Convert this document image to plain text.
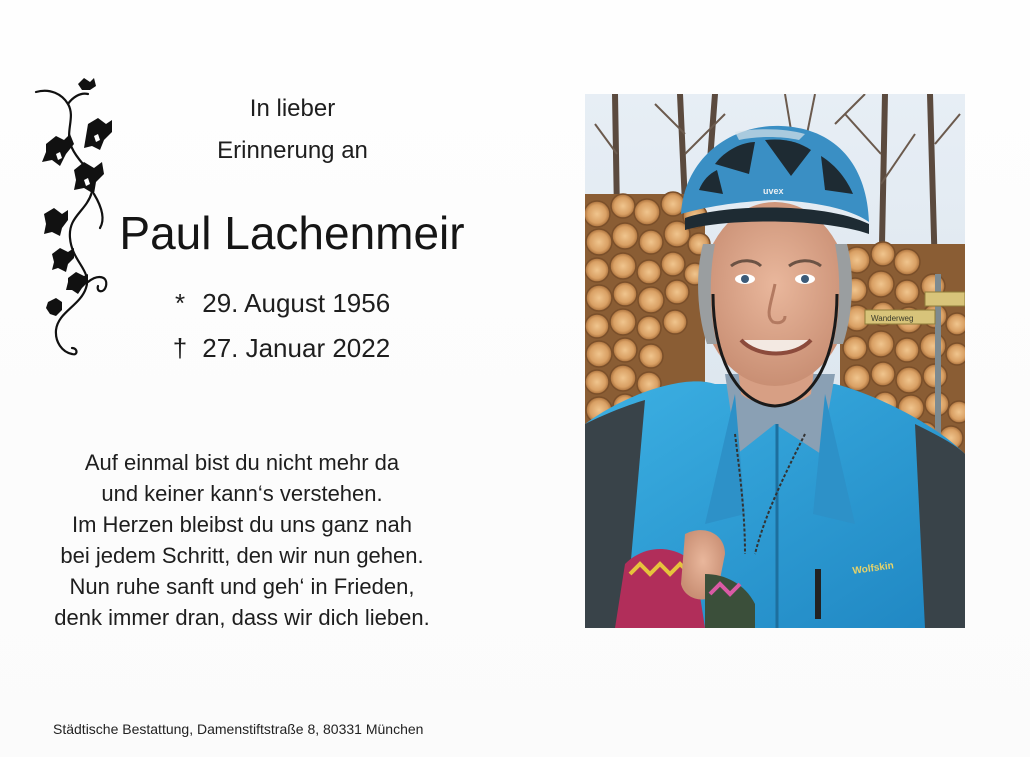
In lieber
Erinnerung an
Paul Lachenmeir
* 29. August 1956
† 27. Januar 2022
Auf einmal bist du nicht mehr da
und keiner kann‘s verstehen.
Im Herzen bleibst du uns ganz nah
bei jedem Schritt, den wir nun gehen.
Nun ruhe sanft und geh‘ in Frieden,
denk immer dran, dass wir dich lieben.
Städtische Bestattung, Damenstiftstraße 8, 80331 München
Wanderweg
Wolfskin
uvex
